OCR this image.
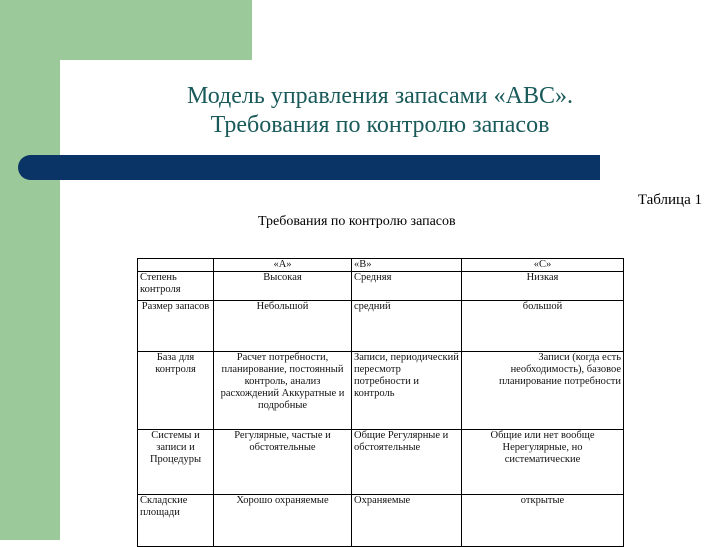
Модель управления запасами «ABC».
Требования по контролю запасов
Таблица 1
Требования по контролю запасов
	«А»	«В»	«С»
Степень контроля	Высокая	Средняя	Низкая
Размер запасов	Небольшой	средний	большой
База для контроля	Расчет потребности, планирование, постоянный контроль, анализ расхождений Аккуратные и подробные	Записи, периодический пересмотр потребности и контроль	Записи (когда есть необходимость), базовое планирование потребности
Системы и записи и Процедуры	Регулярные, частые и обстоятельные	Общие Регулярные и обстоятельные	Общие или нет вообще Нерегулярные, но систематические
Складские площади	Хорошо охраняемые	Охраняемые	открытые
